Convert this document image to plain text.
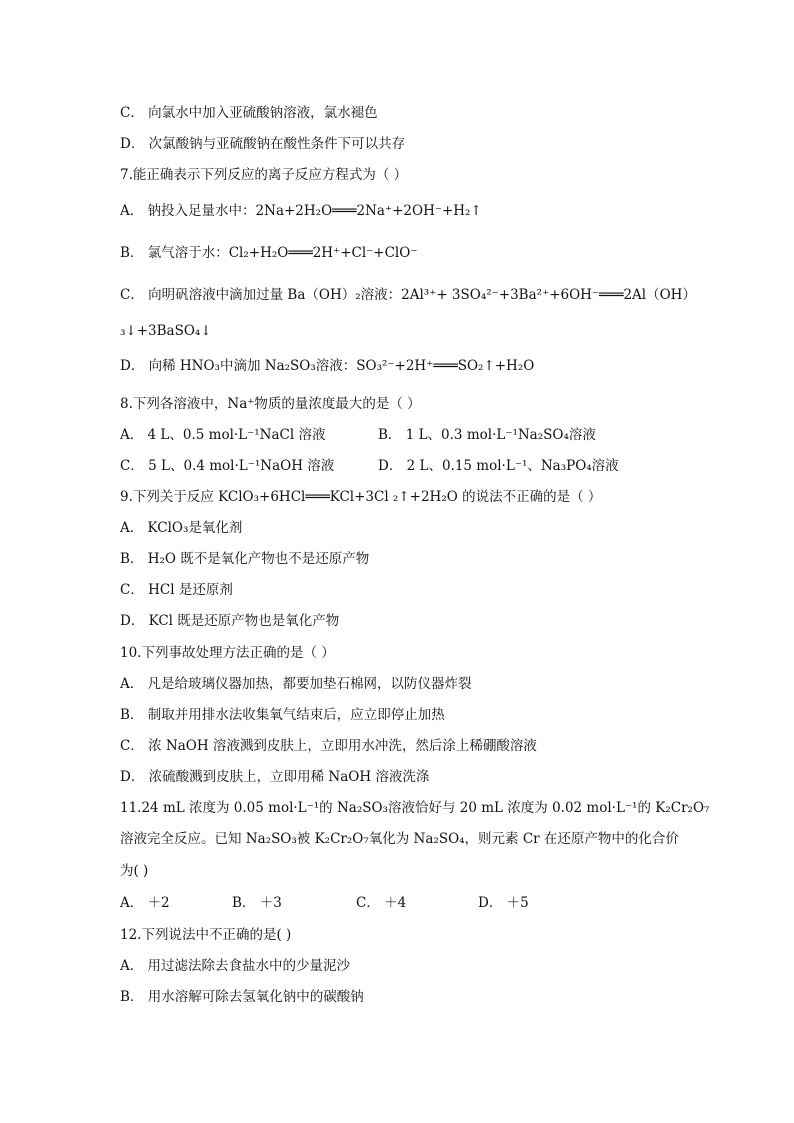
C． 向氯水中加入亚硫酸钠溶液，氯水褪色
D． 次氯酸钠与亚硫酸钠在酸性条件下可以共存
7.能正确表示下列反应的离子反应方程式为（ ）
A． 钠投入足量水中：2Na+2H₂O═══2Na⁺+2OH⁻+H₂↑
B． 氯气溶于水：Cl₂+H₂O═══2H⁺+Cl⁻+ClO⁻
C． 向明矾溶液中滴加过量 Ba（OH）₂溶液：2Al³⁺+ 3SO₄²⁻+3Ba²⁺+6OH⁻═══2Al（OH）
₃↓+3BaSO₄↓
D． 向稀 HNO₃中滴加 Na₂SO₃溶液：SO₃²⁻+2H⁺═══SO₂↑+H₂O
8.下列各溶液中，Na⁺物质的量浓度最大的是（ ）
A． 4 L、0.5 mol·L⁻¹NaCl 溶液	B． 1 L、0.3 mol·L⁻¹Na₂SO₄溶液
C． 5 L、0.4 mol·L⁻¹NaOH 溶液	D． 2 L、0.15 mol·L⁻¹、Na₃PO₄溶液
9.下列关于反应 KClO₃+6HCl═══KCl+3Cl ₂↑+2H₂O 的说法不正确的是（ ）
A． KClO₃是氧化剂
B． H₂O 既不是氧化产物也不是还原产物
C． HCl 是还原剂
D． KCl 既是还原产物也是氧化产物
10.下列事故处理方法正确的是（ ）
A． 凡是给玻璃仪器加热，都要加垫石棉网，以防仪器炸裂
B． 制取并用排水法收集氧气结束后，应立即停止加热
C． 浓 NaOH 溶液溅到皮肤上，立即用水冲洗，然后涂上稀硼酸溶液
D． 浓硫酸溅到皮肤上，立即用稀 NaOH 溶液洗涤
11.24 mL 浓度为 0.05 mol·L⁻¹的 Na₂SO₃溶液恰好与 20 mL 浓度为 0.02 mol·L⁻¹的 K₂Cr₂O₇
溶液完全反应。已知 Na₂SO₃被 K₂Cr₂O₇氧化为 Na₂SO₄，则元素 Cr 在还原产物中的化合价
为( )
A． ＋2	B． ＋3	C． ＋4	D． ＋5
12.下列说法中不正确的是( )
A． 用过滤法除去食盐水中的少量泥沙
B． 用水溶解可除去氢氧化钠中的碳酸钠
